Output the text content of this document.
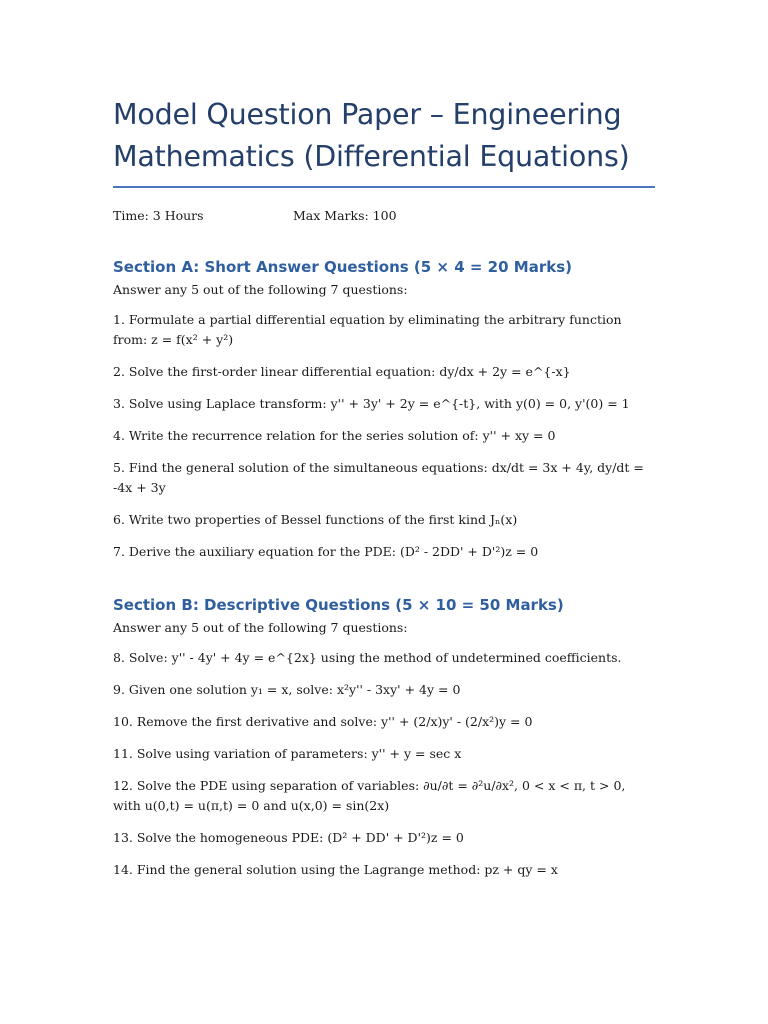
Model Question Paper – Engineering Mathematics (Differential Equations)
Time: 3 Hours	Max Marks: 100
Section A: Short Answer Questions (5 × 4 = 20 Marks)
Answer any 5 out of the following 7 questions:
1. Formulate a partial differential equation by eliminating the arbitrary function from: z = f(x² + y²)
2. Solve the first-order linear differential equation: dy/dx + 2y = e^{-x}
3. Solve using Laplace transform: y'' + 3y' + 2y = e^{-t}, with y(0) = 0, y'(0) = 1
4. Write the recurrence relation for the series solution of: y'' + xy = 0
5. Find the general solution of the simultaneous equations: dx/dt = 3x + 4y, dy/dt = -4x + 3y
6. Write two properties of Bessel functions of the first kind Jₙ(x)
7. Derive the auxiliary equation for the PDE: (D² - 2DD' + D'²)z = 0
Section B: Descriptive Questions (5 × 10 = 50 Marks)
Answer any 5 out of the following 7 questions:
8. Solve: y'' - 4y' + 4y = e^{2x} using the method of undetermined coefficients.
9. Given one solution y₁ = x, solve: x²y'' - 3xy' + 4y = 0
10. Remove the first derivative and solve: y'' + (2/x)y' - (2/x²)y = 0
11. Solve using variation of parameters: y'' + y = sec x
12. Solve the PDE using separation of variables: ∂u/∂t = ∂²u/∂x², 0 < x < π, t > 0, with u(0,t) = u(π,t) = 0 and u(x,0) = sin(2x)
13. Solve the homogeneous PDE: (D² + DD' + D'²)z = 0
14. Find the general solution using the Lagrange method: pz + qy = x
